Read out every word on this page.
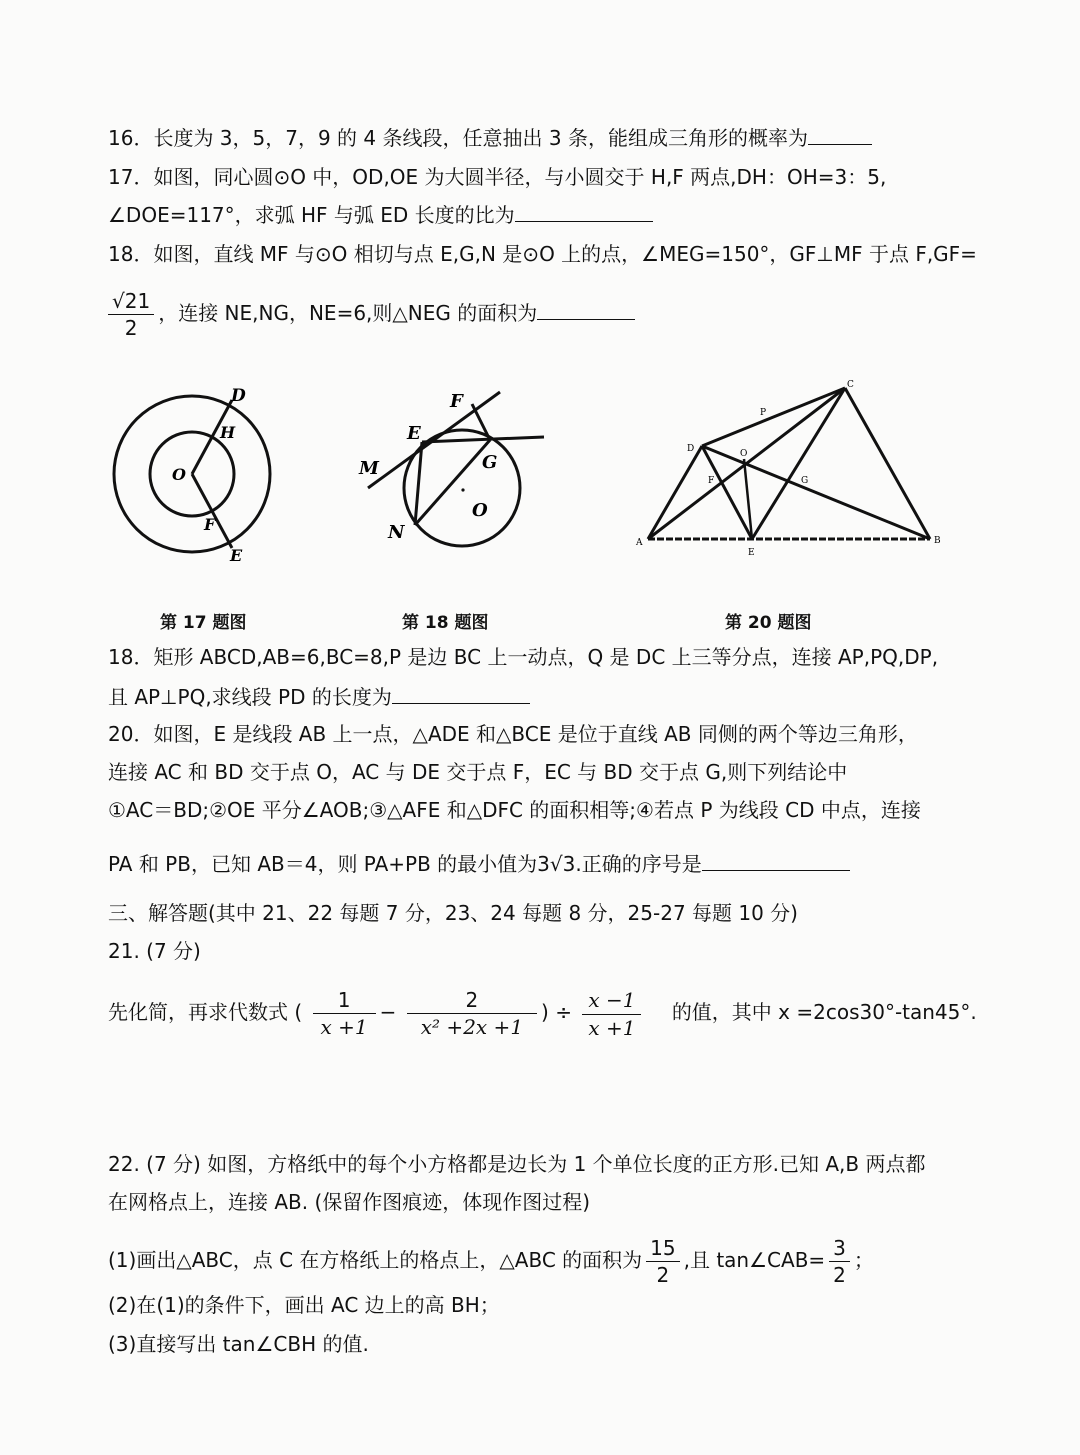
16．长度为 3，5，7，9 的 4 条线段，任意抽出 3 条，能组成三角形的概率为
17．如图，同心圆⊙O 中，OD,OE 为大圆半径，与小圆交于 H,F 两点,DH：OH=3：5,
∠DOE=117°，求弧 HF 与弧 ED 长度的比为
18．如图，直线 MF 与⊙O 相切与点 E,G,N 是⊙O 上的点，∠MEG=150°，GF⊥MF 于点 F,GF=
$\frac{√21}{2}$ ，连接 NE,NG，NE=6,则△NEG 的面积为
D
H
O
F
E
第 17 题图
F
E
M	G
N
O
第 18 题图
C
P
D	O
F	G
A
E
B
第 20 题图
18．矩形 ABCD,AB=6,BC=8,P 是边 BC 上一动点，Q 是 DC 上三等分点，连接 AP,PQ,DP,
且 AP⊥PQ,求线段 PD 的长度为
20．如图，E 是线段 AB 上一点，△ADE 和△BCE 是位于直线 AB 同侧的两个等边三角形，
连接 AC 和 BD 交于点 O，AC 与 DE 交于点 F，EC 与 BD 交于点 G,则下列结论中
①AC＝BD;②OE 平分∠AOB;③△AFE 和△DFC 的面积相等;④若点 P 为线段 CD 中点，连接
PA 和 PB，已知 AB＝4，则 PA+PB 的最小值为3√3.正确的序号是
三、解答题(其中 21、22 每题 7 分，23、24 每题 8 分，25-27 每题 10 分)
21. (7 分)
先化简，再求代数式 ( $\frac{1}{x +1} - \frac{2}{\text{x² +2x +1}}$ ) ÷ $\frac{x -1}{x +1}$ 的值，其中 x =2cos30°-tan45°.
22. (7 分) 如图，方格纸中的每个小方格都是边长为 1 个单位长度的正方形.已知 A,B 两点都
在网格点上，连接 AB. (保留作图痕迹，体现作图过程)
(1)画出△ABC，点 C 在方格纸上的格点上，△ABC 的面积为 $\frac{15}{2}$ ,且 tan∠CAB= $\frac{3}{2}$ ；
(2)在(1)的条件下，画出 AC 边上的高 BH；
(3)直接写出 tan∠CBH 的值.
